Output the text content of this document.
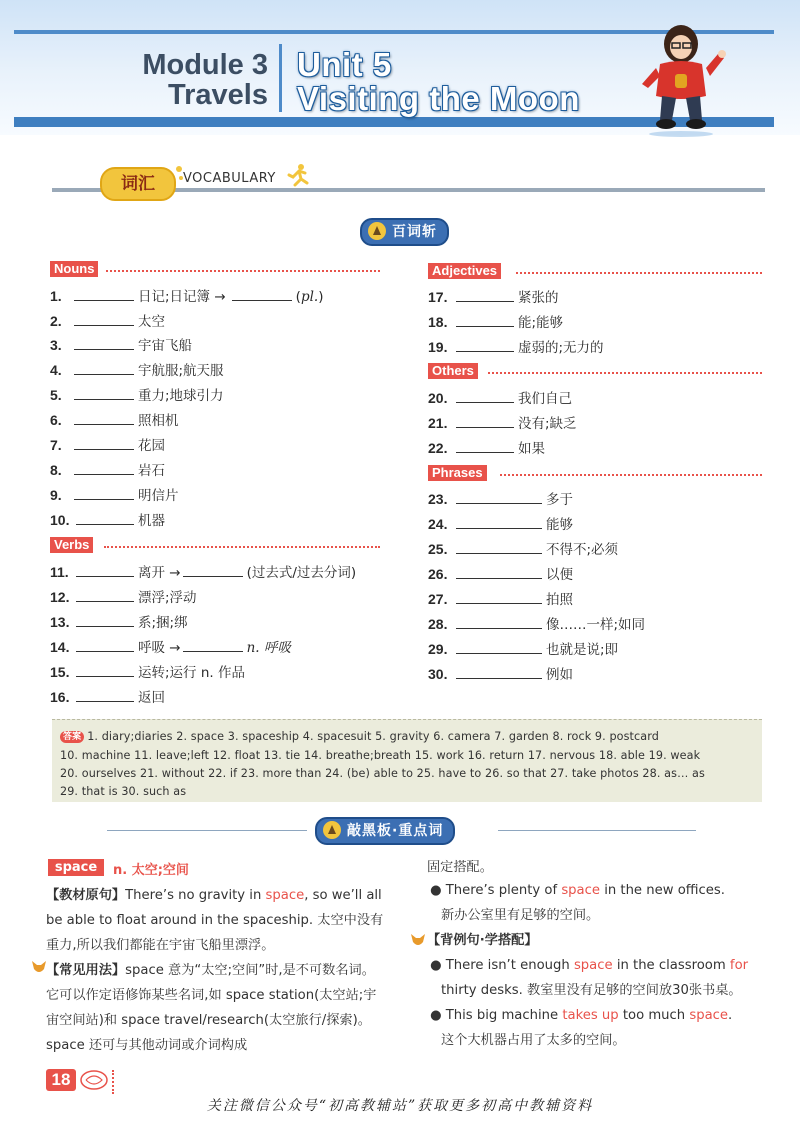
Module 3
Travels
Unit 5
Visiting the Moon
词汇	VOCABULARY
百词斩
Nouns
1.	日记;日记簿 →	(pl.)
2.	太空
3.	宇宙飞船
4.	宇航服;航天服
5.	重力;地球引力
6.	照相机
7.	花园
8.	岩石
9.	明信片
10.	机器
Verbs
11.	离开 →	(过去式/过去分词)
12.	漂浮;浮动
13.	系;捆;绑
14.	呼吸 →	n. 呼吸
15.	运转;运行 n. 作品
16.	返回
Adjectives
17.	紧张的
18.	能;能够
19.	虚弱的;无力的
Others
20.	我们自己
21.	没有;缺乏
22.	如果
Phrases
23.	多于
24.	能够
25.	不得不;必须
26.	以便
27.	拍照
28.	像……一样;如同
29.	也就是说;即
30.	例如
答案 1. diary;diaries 2. space 3. spaceship 4. spacesuit 5. gravity 6. camera 7. garden 8. rock 9. postcard
10. machine 11. leave;left 12. float 13. tie 14. breathe;breath 15. work 16. return 17. nervous 18. able 19. weak
20. ourselves 21. without 22. if 23. more than 24. (be) able to 25. have to 26. so that 27. take photos 28. as… as
29. that is 30. such as
敲黑板·重点词
space	n. 太空;空间
【教材原句】There’s no gravity in space, so we’ll all be able to float around in the spaceship. 太空中没有重力,所以我们都能在宇宙飞船里漂浮。
【常见用法】space 意为“太空;空间”时,是不可数名词。它可以作定语修饰某些名词,如 space station(太空站;宇宙空间站)和 space travel/research(太空旅行/探索)。space 还可与其他动词或介词构成
固定搭配。
● There’s plenty of space in the new offices.
新办公室里有足够的空间。
【背例句·学搭配】
● There isn’t enough space in the classroom for
thirty desks. 教室里没有足够的空间放30张书桌。
● This big machine takes up too much space.
这个大机器占用了太多的空间。
18
关注微信公众号“初高教辅站”获取更多初高中教辅资料
